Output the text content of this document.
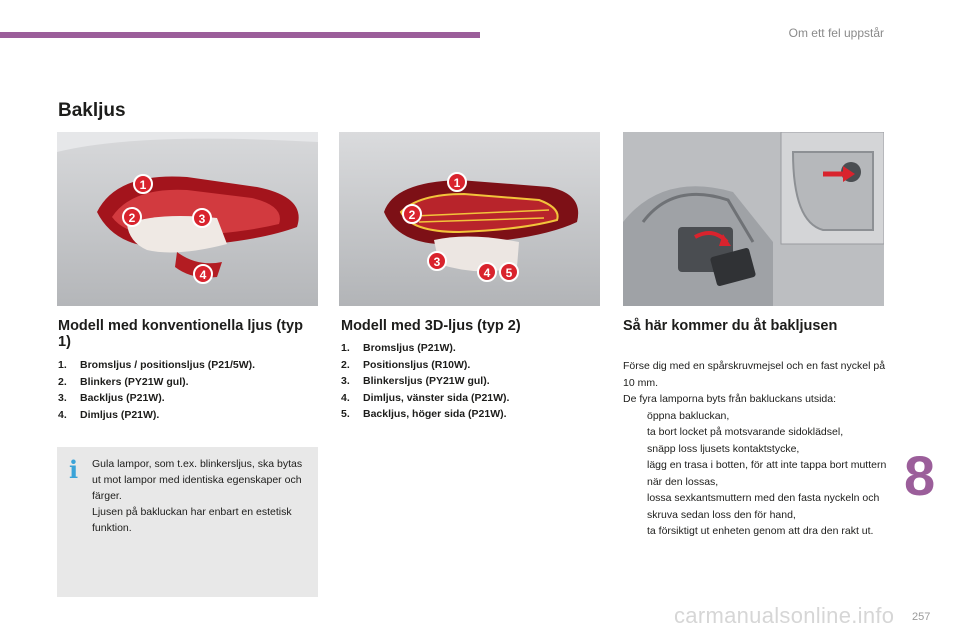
Om ett fel uppstår
Bakljus
1
2	3
4
1
2
3
4 5
Modell med konventionella ljus (typ 1)
1.	Bromsljus / positionsljus (P21/5W).
2.	Blinkers (PY21W gul).
3.	Backljus (P21W).
4.	Dimljus (P21W).
i Gula lampor, som t.ex. blinkersljus, ska bytas ut mot lampor med identiska egenskaper och färger.

Ljusen på bakluckan har enbart en estetisk funktion.

Modell med 3D-ljus (typ 2)
1.	Bromsljus (P21W).
2.	Positionsljus (R10W).
3.	Blinkersljus (PY21W gul).
4.	Dimljus, vänster sida (P21W).
5.	Backljus, höger sida (P21W).
Så här kommer du åt bakljusen

Förse dig med en spårskruvmejsel och en fast nyckel på 10 mm.

De fyra lamporna byts från bakluckans utsida:

öppna bakluckan,
ta bort locket på motsvarande sidoklädsel,
snäpp loss ljusets kontaktstycke,
lägg en trasa i botten, för att inte tappa bort muttern när den lossas,
lossa sexkantsmuttern med den fasta nyckeln och skruva sedan loss den för hand,
ta försiktigt ut enheten genom att dra den rakt ut.
8
carmanualsonline.info 257
